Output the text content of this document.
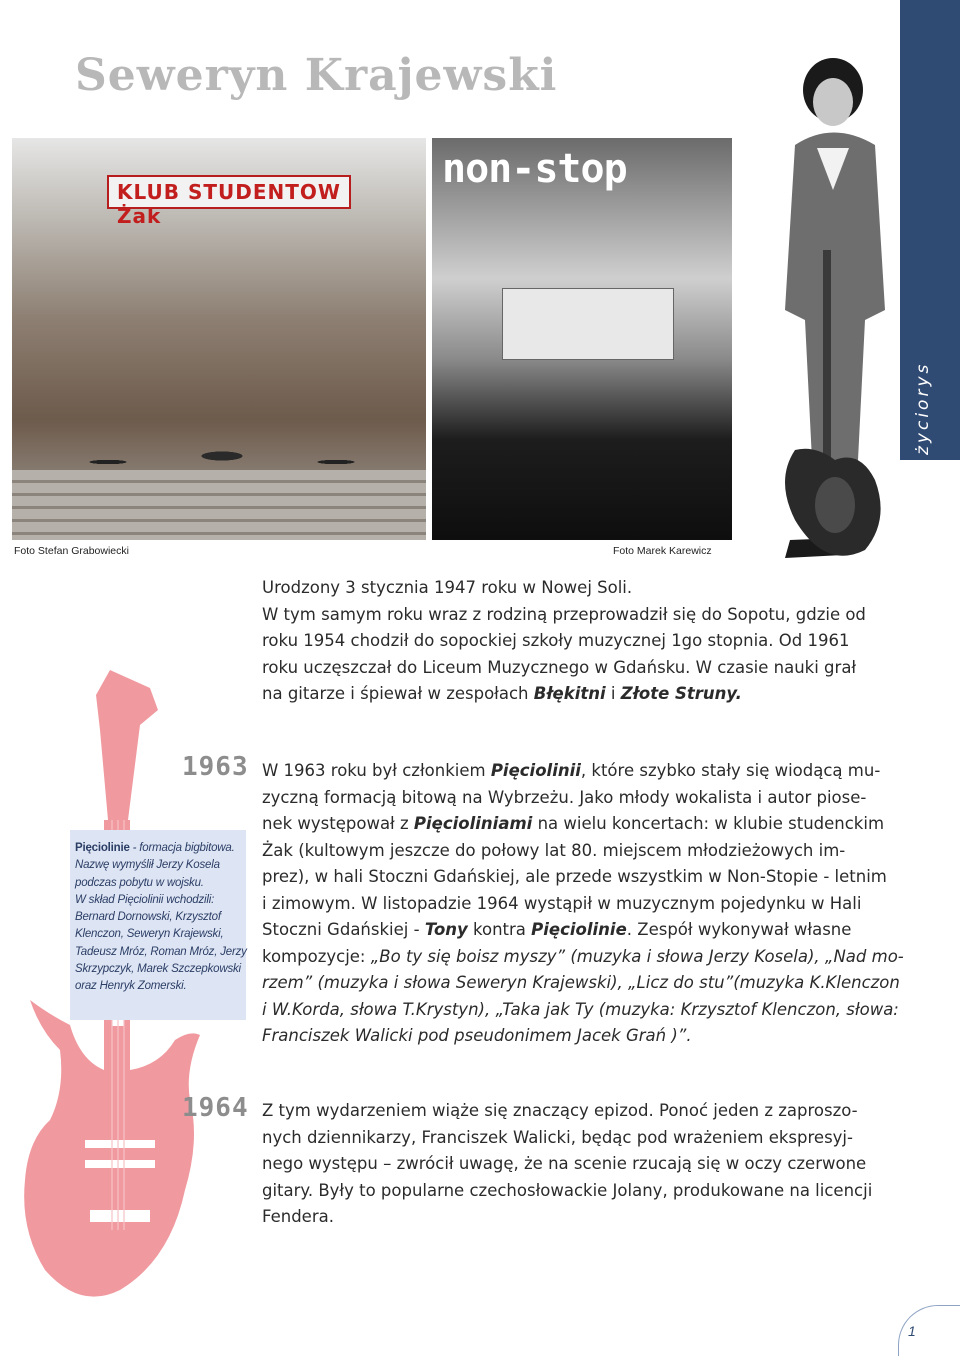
Seweryn Krajewski
KLUB STUDENTOW Żak
non-stop
Foto Stefan Grabowiecki	Foto Marek Karewicz
Urodzony 3 stycznia 1947 roku w Nowej Soli.
W tym samym roku wraz z rodziną przeprowadził się do Sopotu, gdzie od
roku 1954 chodził do sopockiej szkoły muzycznej 1go stopnia. Od 1961
roku uczęszczał do Liceum Muzycznego w Gdańsku. W czasie nauki grał
na gitarze i śpiewał w zespołach Błękitni i Złote Struny.
1963
Pięciolinie - formacja bigbitowa.
Nazwę wymyślił Jerzy Kosela
podczas pobytu w wojsku.
W skład Pięciolinii wchodzili:
Bernard Dornowski, Krzysztof
Klenczon, Seweryn Krajewski,
Tadeusz Mróz, Roman Mróz, Jerzy
Skrzypczyk, Marek Szczepkowski
oraz Henryk Zomerski.
W 1963 roku był członkiem Pięciolinii, które szybko stały się wiodącą mu-
zyczną formacją bitową na Wybrzeżu. Jako młody wokalista i autor piose-
nek występował z Pięcioliniami na wielu koncertach: w klubie studenckim
Żak (kultowym jeszcze do połowy lat 80. miejscem młodzieżowych im-
prez), w hali Stoczni Gdańskiej, ale przede wszystkim w Non-Stopie - letnim
i zimowym. W listopadzie 1964 wystąpił w muzycznym pojedynku w Hali
Stoczni Gdańskiej - Tony kontra Pięciolinie. Zespół wykonywał własne
kompozycje: „Bo ty się boisz myszy” (muzyka i słowa Jerzy Kosela), „Nad mo-
rzem” (muzyka i słowa Seweryn Krajewski), „Licz do stu”(muzyka K.Klenczon
i W.Korda, słowa T.Krystyn), „Taka jak Ty (muzyka: Krzysztof Klenczon, słowa:
Franciszek Walicki pod pseudonimem Jacek Grań )”.
1964 Z tym wydarzeniem wiąże się znaczący epizod. Ponoć jeden z zaproszo-
nych dziennikarzy, Franciszek Walicki, będąc pod wrażeniem ekspresyj-
nego występu – zwrócił uwagę, że na scenie rzucają się w oczy czerwone
gitary. Były to popularne czechosłowackie Jolany, produkowane na licencji
Fendera.
1
